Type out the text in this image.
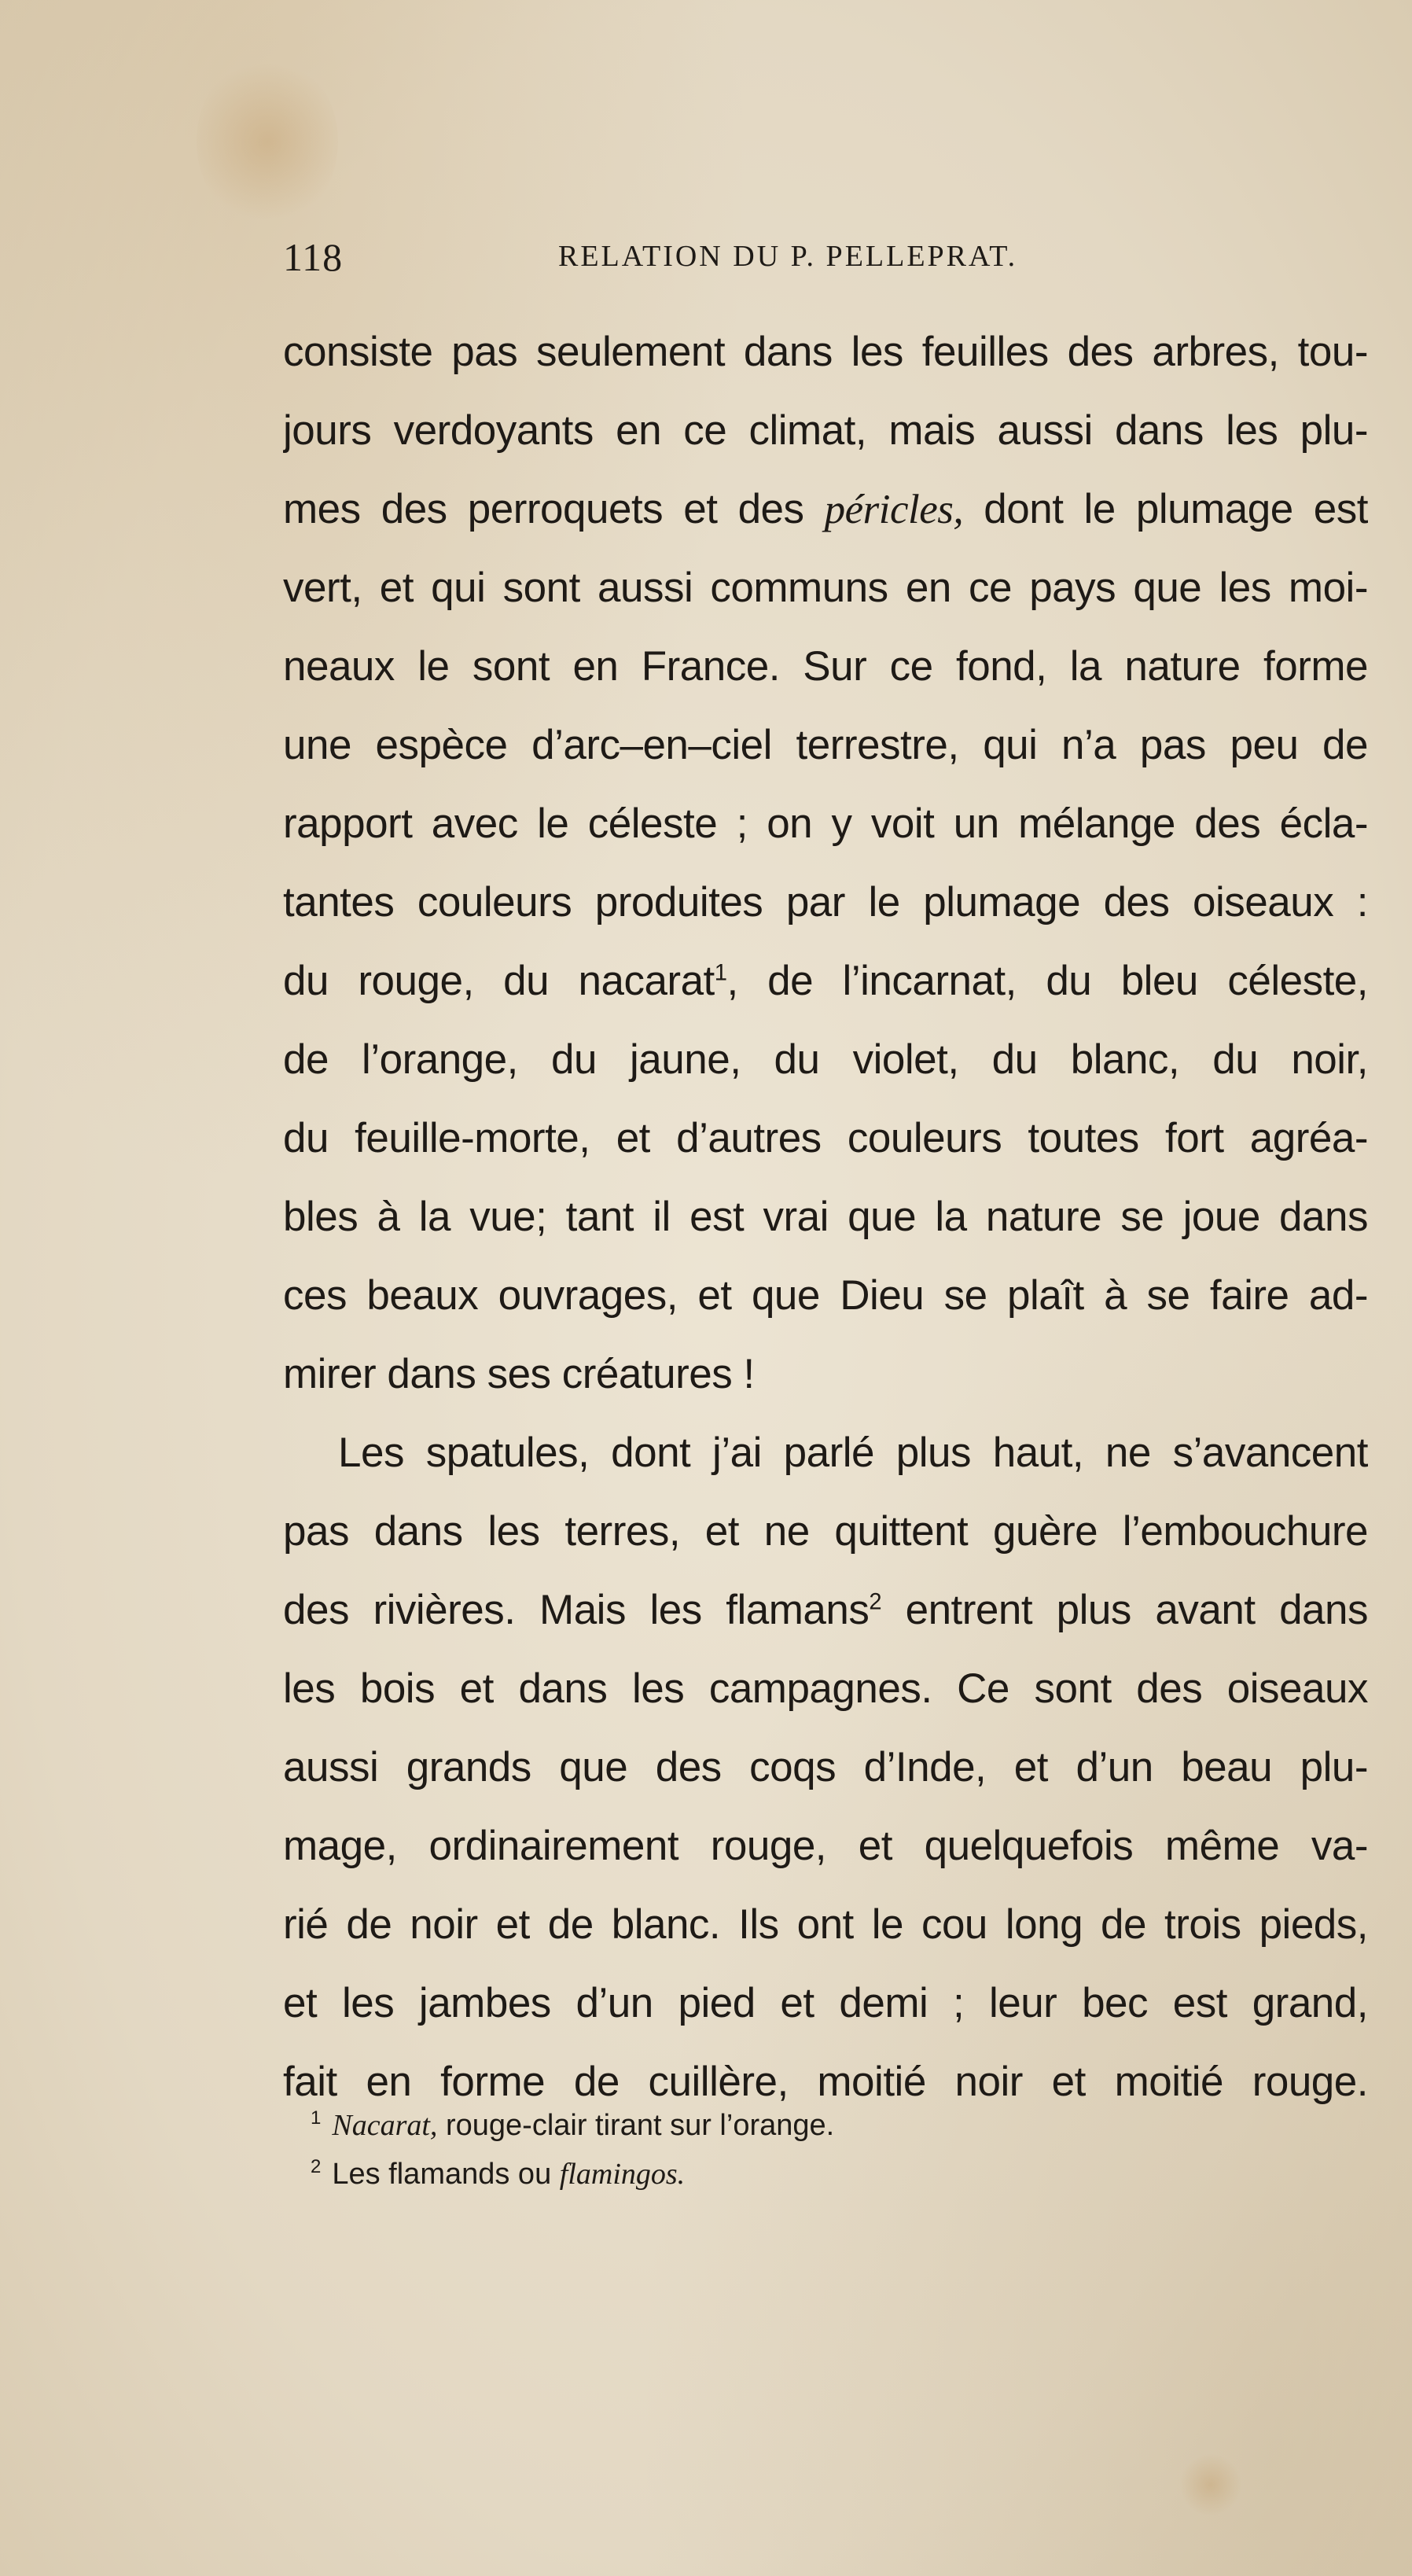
118	RELATION DU P. PELLEPRAT.
consiste pas seulement dans les feuilles des arbres, tou-
jours verdoyants en ce climat, mais aussi dans les plu-
mes des perroquets et des péricles, dont le plumage est
vert, et qui sont aussi communs en ce pays que les moi-
neaux le sont en France. Sur ce fond, la nature forme
une espèce d’arc–en–ciel terrestre, qui n’a pas peu de
rapport avec le céleste ; on y voit un mélange des écla-
tantes couleurs produites par le plumage des oiseaux :
du rouge, du nacarat$^1$, de l’incarnat, du bleu céleste,
de l’orange, du jaune, du violet, du blanc, du noir,
du feuille-morte, et d’autres couleurs toutes fort agréa-
bles à la vue; tant il est vrai que la nature se joue dans
ces beaux ouvrages, et que Dieu se plaît à se faire ad-
mirer dans ses créatures !
Les spatules, dont j’ai parlé plus haut, ne s’avancent
pas dans les terres, et ne quittent guère l’embouchure
des rivières. Mais les flamans$^2$ entrent plus avant dans
les bois et dans les campagnes. Ce sont des oiseaux
aussi grands que des coqs d’Inde, et d’un beau plu-
mage, ordinairement rouge, et quelquefois même va-
rié de noir et de blanc. Ils ont le cou long de trois pieds,
et les jambes d’un pied et demi ; leur bec est grand,
fait en forme de cuillère, moitié noir et moitié rouge.
$^1$ Nacarat, rouge-clair tirant sur l’orange.
$^2$ Les flamands ou flamingos.
